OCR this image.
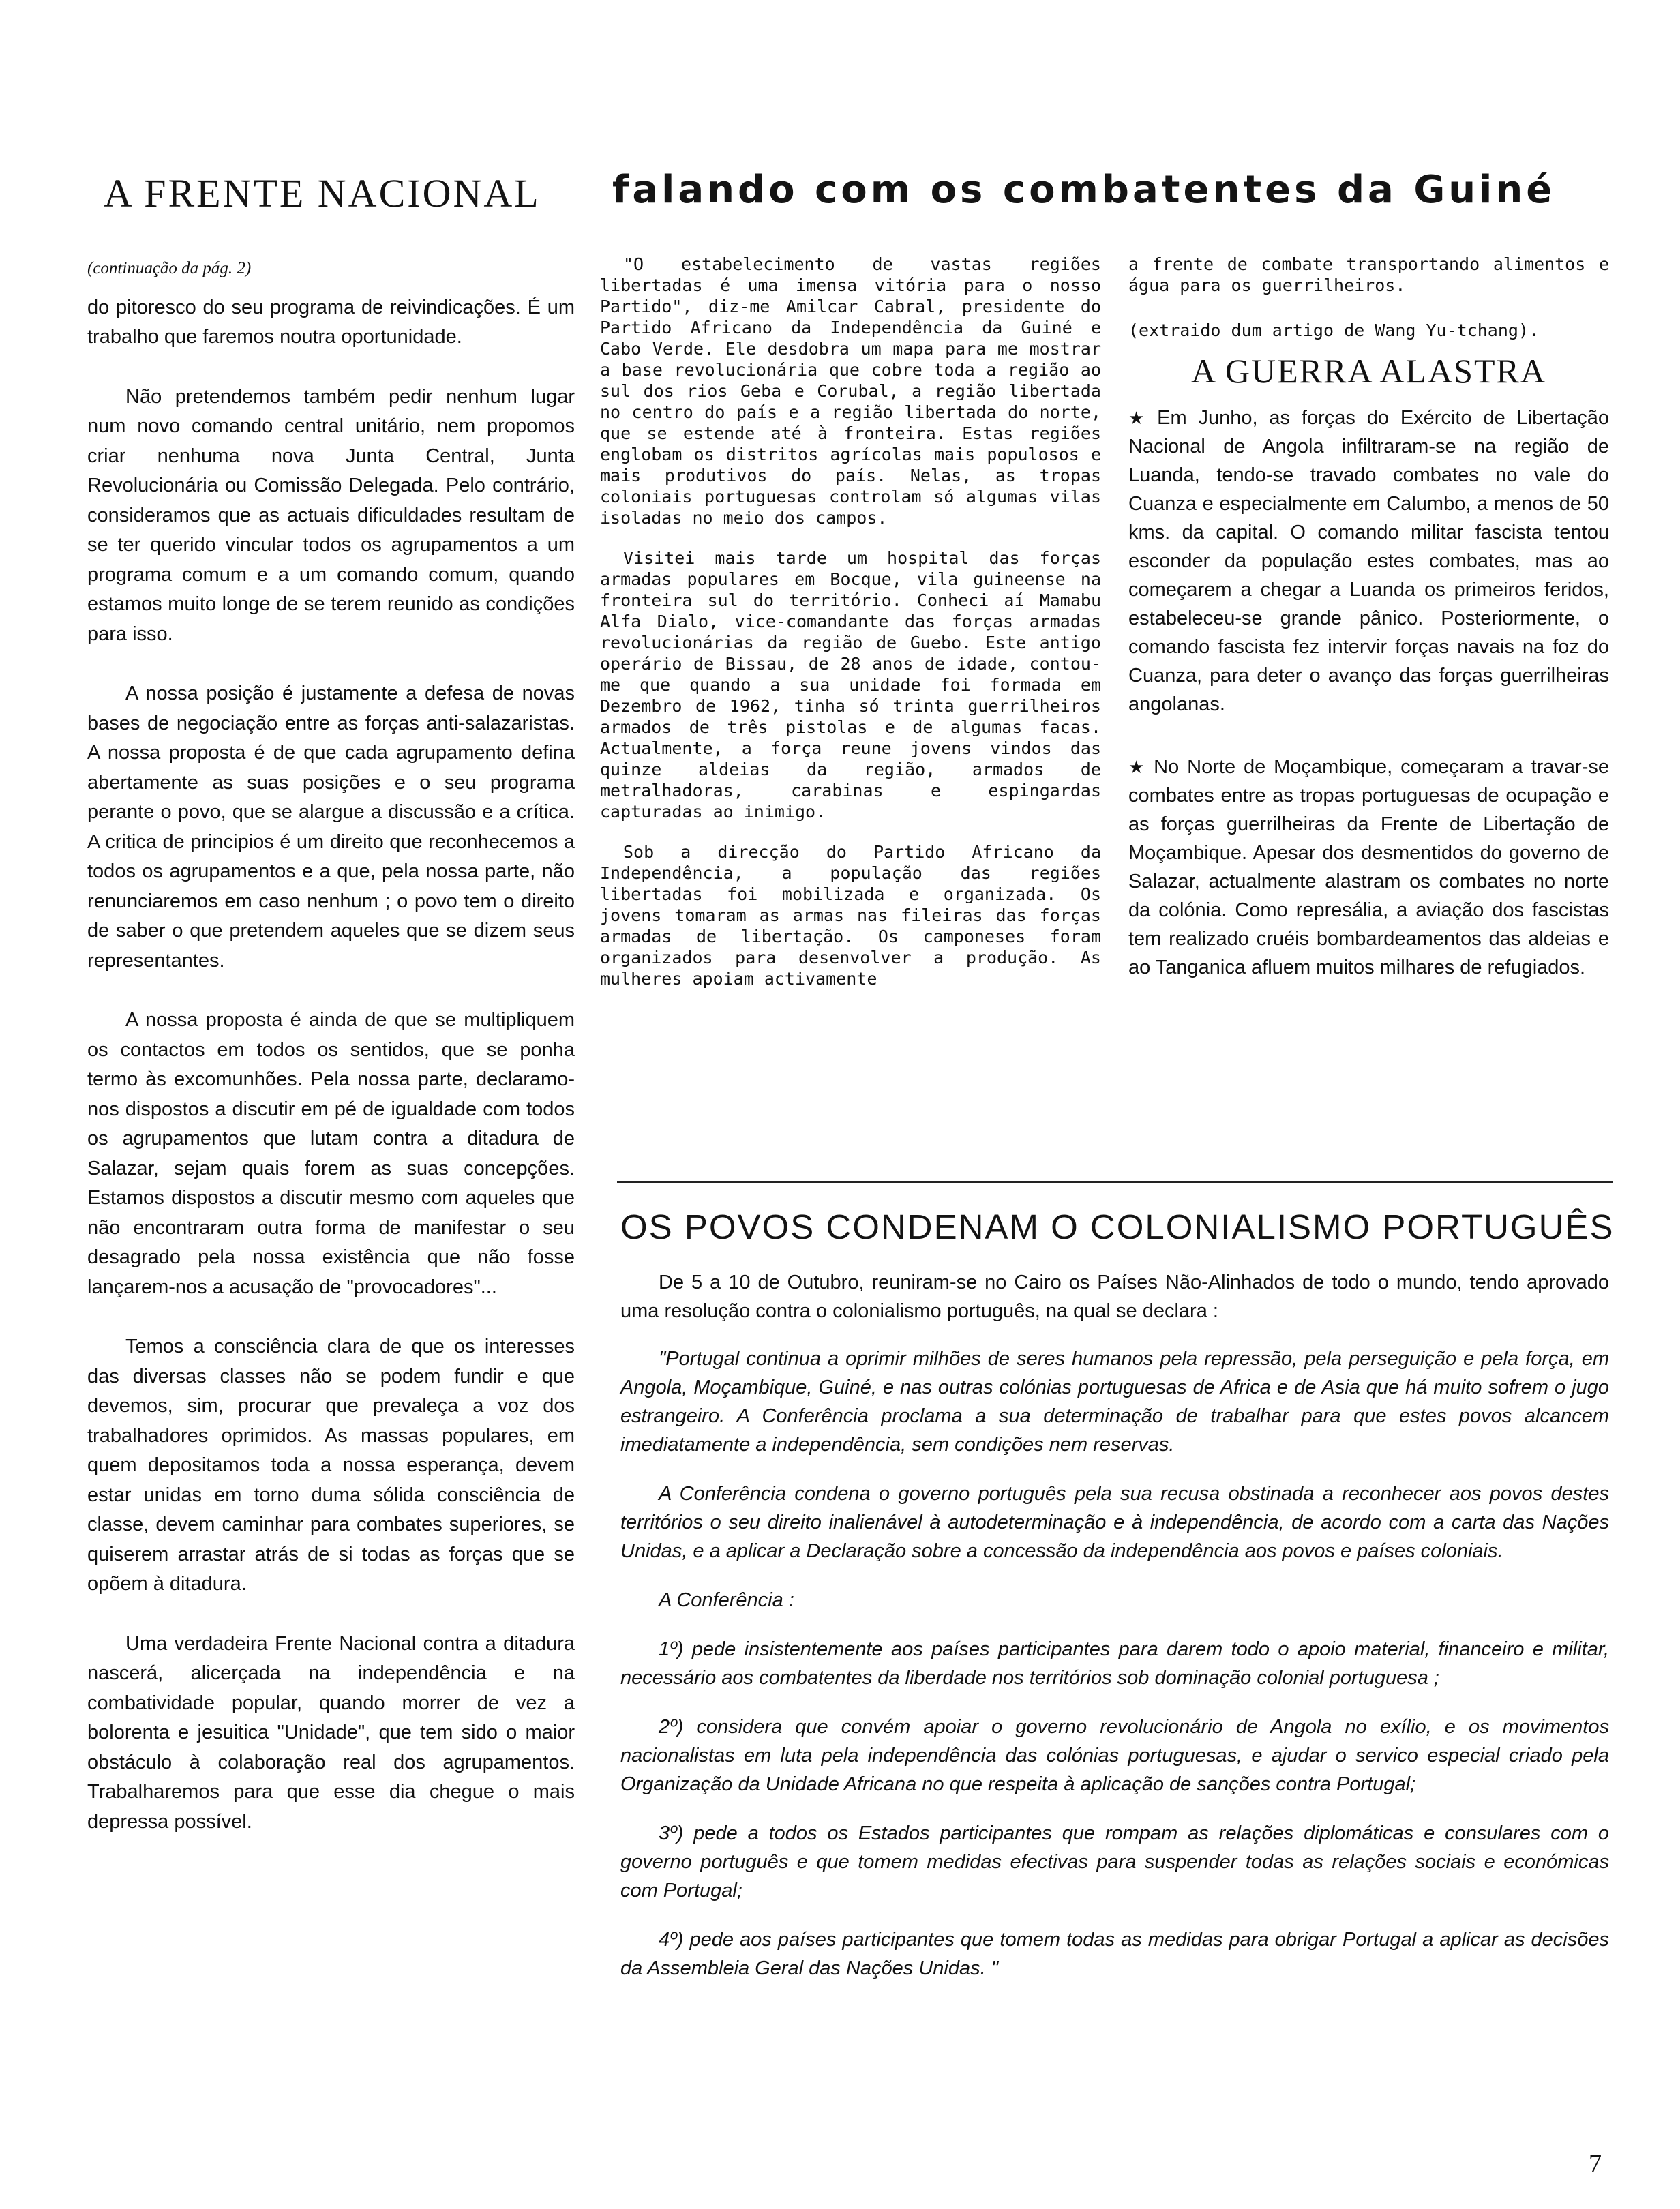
A FRENTE NACIONAL falando com os combatentes da Guiné
(continuação da pág. 2)

do pitoresco do seu programa de reivindicações. É um trabalho que faremos noutra oportunidade.

Não pretendemos também pedir nenhum lugar num novo comando central unitário, nem propomos criar nenhuma nova Junta Central, Junta Revolucionária ou Comissão Delegada. Pelo contrário, consideramos que as actuais dificuldades resultam de se ter querido vincular todos os agrupamentos a um programa comum e a um comando comum, quando estamos muito longe de se terem reunido as condições para isso.

A nossa posição é justamente a defesa de novas bases de negociação entre as forças anti-salazaristas. A nossa proposta é de que cada agrupamento defina abertamente as suas posições e o seu programa perante o povo, que se alargue a discussão e a crítica. A critica de principios é um direito que reconhecemos a todos os agrupamentos e a que, pela nossa parte, não renunciaremos em caso nenhum ; o povo tem o direito de saber o que pretendem aqueles que se dizem seus representantes.

A nossa proposta é ainda de que se multipliquem os contactos em todos os sentidos, que se ponha termo às excomunhões. Pela nossa parte, declaramo-nos dispostos a discutir em pé de igualdade com todos os agrupamentos que lutam contra a ditadura de Salazar, sejam quais forem as suas concepções. Estamos dispostos a discutir mesmo com aqueles que não encontraram outra forma de manifestar o seu desagrado pela nossa existência que não fosse lançarem-nos a acusação de "provocadores"...

Temos a consciência clara de que os interesses das diversas classes não se podem fundir e que devemos, sim, procurar que prevaleça a voz dos trabalhadores oprimidos. As massas populares, em quem depositamos toda a nossa esperança, devem estar unidas em torno duma sólida consciência de classe, devem caminhar para combates superiores, se quiserem arrastar atrás de si todas as forças que se opõem à ditadura.

Uma verdadeira Frente Nacional contra a ditadura nascerá, alicerçada na independência e na combatividade popular, quando morrer de vez a bolorenta e jesuitica "Unidade", que tem sido o maior obstáculo à colaboração real dos agrupamentos. Trabalharemos para que esse dia chegue o mais depressa possível.

"O estabelecimento de vastas regiões libertadas é uma imensa vitória para o nosso Partido", diz-me Amilcar Cabral, presidente do Partido Africano da Independência da Guiné e Cabo Verde. Ele desdobra um mapa para me mostrar a base revolucionária que cobre toda a região ao sul dos rios Geba e Corubal, a região libertada no centro do país e a região libertada do norte, que se estende até à fronteira. Estas regiões englobam os distritos agrícolas mais populosos e mais produtivos do país. Nelas, as tropas coloniais portuguesas controlam só algumas vilas isoladas no meio dos campos.

Visitei mais tarde um hospital das forças armadas populares em Bocque, vila guineense na fronteira sul do território. Conheci aí Mamabu Alfa Dialo, vice-comandante das forças armadas revolucionárias da região de Guebo. Este antigo operário de Bissau, de 28 anos de idade, contou-me que quando a sua unidade foi formada em Dezembro de 1962, tinha só trinta guerrilheiros armados de três pistolas e de algumas facas. Actualmente, a força reune jovens vindos das quinze aldeias da região, armados de metralhadoras, carabinas e espingardas capturadas ao inimigo.

Sob a direcção do Partido Africano da Independência, a população das regiões libertadas foi mobilizada e organizada. Os jovens tomaram as armas nas fileiras das forças armadas de libertação. Os camponeses foram organizados para desenvolver a produção. As mulheres apoiam activamente

a frente de combate transportando alimentos e água para os guerrilheiros.

(extraido dum artigo de Wang Yu-tchang).

A GUERRA ALASTRA

★ Em Junho, as forças do Exército de Libertação Nacional de Angola infiltraram-se na região de Luanda, tendo-se travado combates no vale do Cuanza e especialmente em Calumbo, a menos de 50 kms. da capital. O comando militar fascista tentou esconder da população estes combates, mas ao começarem a chegar a Luanda os primeiros feridos, estabeleceu-se grande pânico. Posteriormente, o comando fascista fez intervir forças navais na foz do Cuanza, para deter o avanço das forças guerrilheiras angolanas.

★ No Norte de Moçambique, começaram a travar-se combates entre as tropas portuguesas de ocupação e as forças guerrilheiras da Frente de Libertação de Moçambique. Apesar dos desmentidos do governo de Salazar, actualmente alastram os combates no norte da colónia. Como represália, a aviação dos fascistas tem realizado cruéis bombardeamentos das aldeias e ao Tanganica afluem muitos milhares de refugiados.

OS POVOS CONDENAM O COLONIALISMO PORTUGUÊS

De 5 a 10 de Outubro, reuniram-se no Cairo os Países Não-Alinhados de todo o mundo, tendo aprovado uma resolução contra o colonialismo português, na qual se declara :

"Portugal continua a oprimir milhões de seres humanos pela repressão, pela perseguição e pela força, em Angola, Moçambique, Guiné, e nas outras colónias portuguesas de Africa e de Asia que há muito sofrem o jugo estrangeiro. A Conferência proclama a sua determinação de trabalhar para que estes povos alcancem imediatamente a independência, sem condições nem reservas.

A Conferência condena o governo português pela sua recusa obstinada a reconhecer aos povos destes territórios o seu direito inalienável à autodeterminação e à independência, de acordo com a carta das Nações Unidas, e a aplicar a Declaração sobre a concessão da independência aos povos e países coloniais.

A Conferência :

1º) pede insistentemente aos países participantes para darem todo o apoio material, financeiro e militar, necessário aos combatentes da liberdade nos territórios sob dominação colonial portuguesa ;

2º) considera que convém apoiar o governo revolucionário de Angola no exílio, e os movimentos nacionalistas em luta pela independência das colónias portuguesas, e ajudar o servico especial criado pela Organização da Unidade Africana no que respeita à aplicação de sanções contra Portugal;

3º) pede a todos os Estados participantes que rompam as relações diplomáticas e consulares com o governo português e que tomem medidas efectivas para suspender todas as relações sociais e económicas com Portugal;

4º) pede aos países participantes que tomem todas as medidas para obrigar Portugal a aplicar as decisões da Assembleia Geral das Nações Unidas. "

7
